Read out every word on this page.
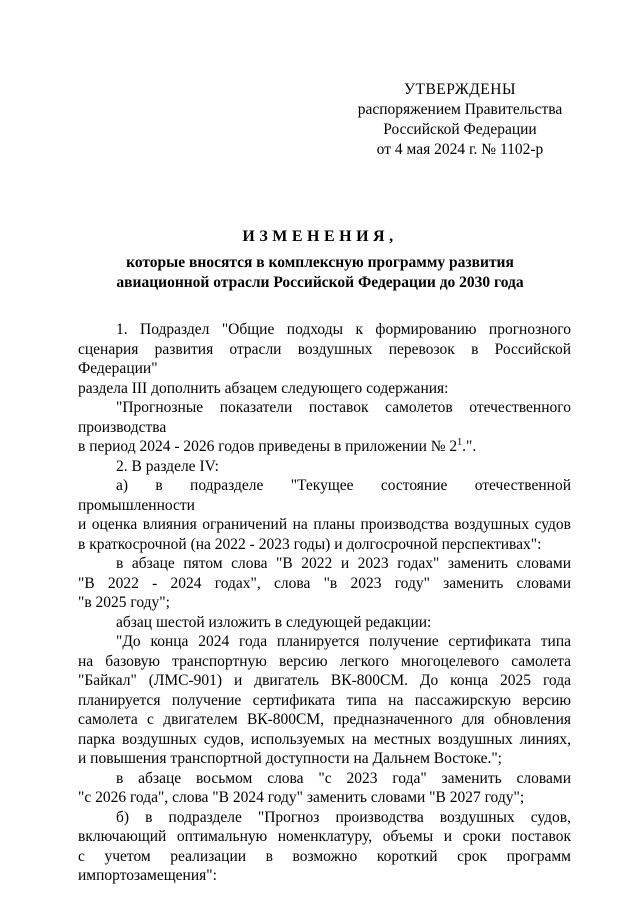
УТВЕРЖДЕНЫ
распоряжением Правительства
Российской Федерации
от 4 мая 2024 г. № 1102-р
ИЗМЕНЕНИЯ,
которые вносятся в комплексную программу развития
авиационной отрасли Российской Федерации до 2030 года
1. Подраздел "Общие подходы к формированию прогнозного
сценария развития отрасли воздушных перевозок в Российской Федерации"
раздела III дополнить абзацем следующего содержания:
"Прогнозные показатели поставок самолетов отечественного производства
в период 2024 - 2026 годов приведены в приложении № $2^1$.".
2. В разделе IV:
а) в подразделе "Текущее состояние отечественной промышленности
и оценка влияния ограничений на планы производства воздушных судов
в краткосрочной (на 2022 - 2023 годы) и долгосрочной перспективах":
в абзаце пятом слова "В 2022 и 2023 годах" заменить словами
"В 2022 - 2024 годах", слова "в 2023 году" заменить словами
"в 2025 году";
абзац шестой изложить в следующей редакции:
"До конца 2024 года планируется получение сертификата типа
на базовую транспортную версию легкого многоцелевого самолета
"Байкал" (ЛМС-901) и двигатель ВК-800СМ. До конца 2025 года
планируется получение сертификата типа на пассажирскую версию
самолета с двигателем ВК-800СМ, предназначенного для обновления
парка воздушных судов, используемых на местных воздушных линиях,
и повышения транспортной доступности на Дальнем Востоке.";
в абзаце восьмом слова "с 2023 года" заменить словами
"с 2026 года", слова "В 2024 году" заменить словами "В 2027 году";
б) в подразделе "Прогноз производства воздушных судов,
включающий оптимальную номенклатуру, объемы и сроки поставок
с учетом реализации в возможно короткий срок программ
импортозамещения":
